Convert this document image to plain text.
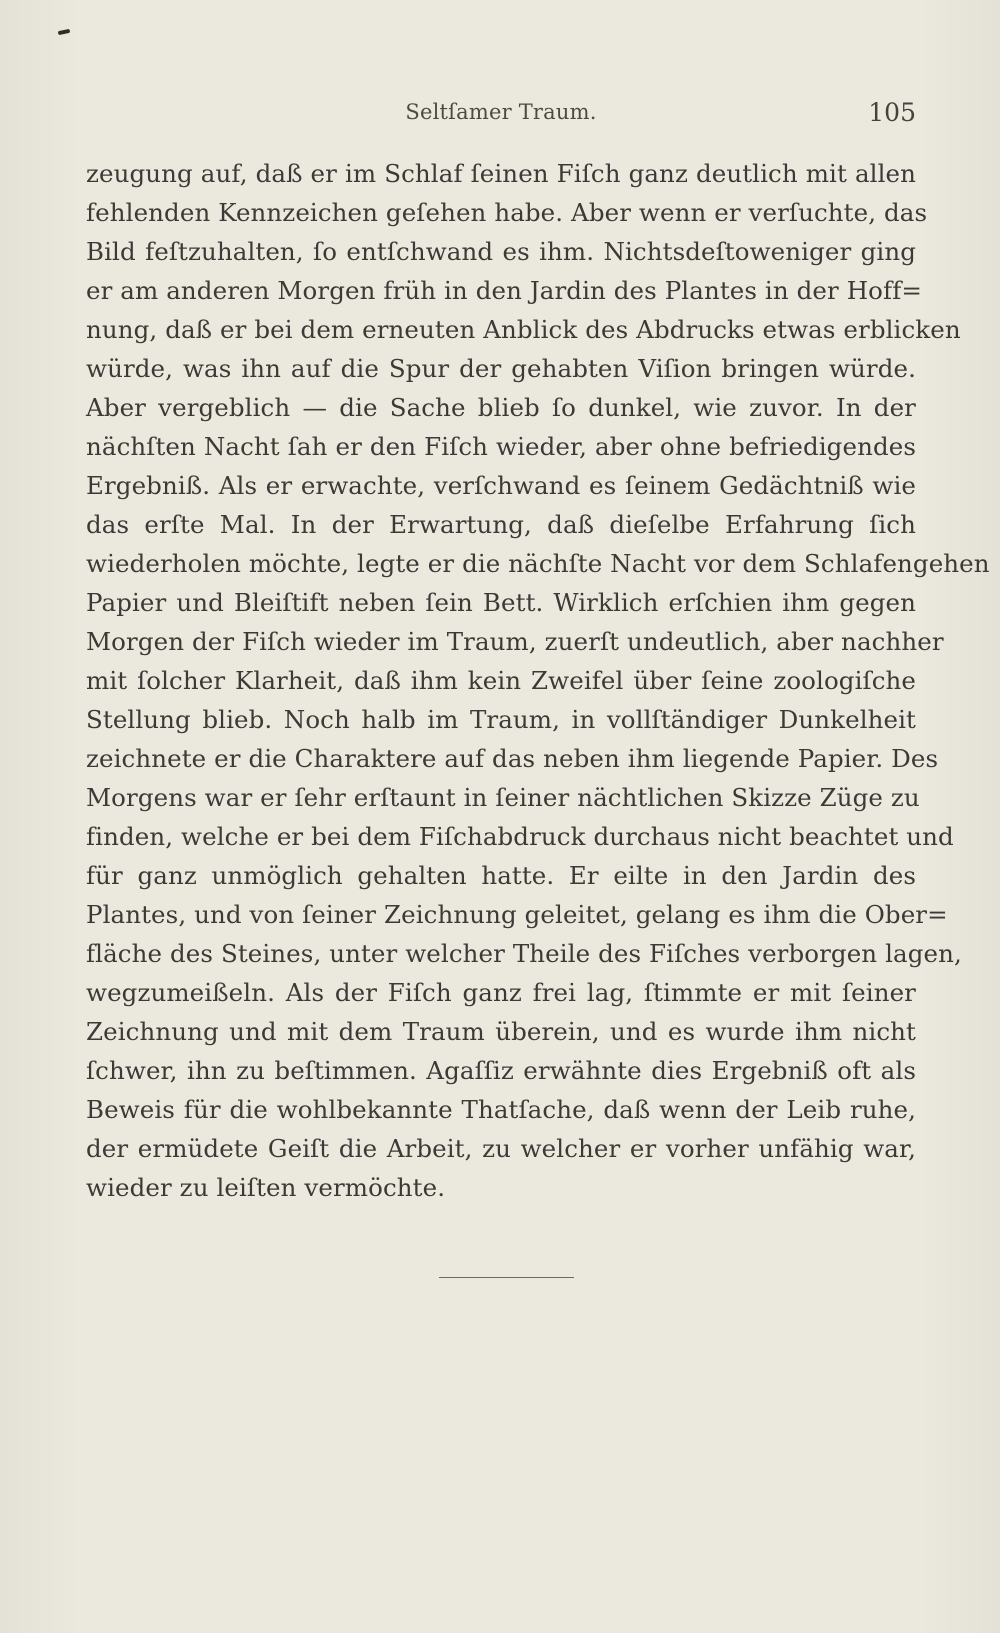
Seltſamer Traum.	105
zeugung auf, daß er im Schlaf ſeinen Fiſch ganz deutlich mit allen
fehlenden Kennzeichen geſehen habe. Aber wenn er verſuchte, das
Bild feſtzuhalten, ſo entſchwand es ihm. Nichtsdeſtoweniger ging
er am anderen Morgen früh in den Jardin des Plantes in der Hoff=
nung, daß er bei dem erneuten Anblick des Abdrucks etwas erblicken
würde, was ihn auf die Spur der gehabten Viſion bringen würde.
Aber vergeblich — die Sache blieb ſo dunkel, wie zuvor. In der
nächſten Nacht ſah er den Fiſch wieder, aber ohne befriedigendes
Ergebniß. Als er erwachte, verſchwand es ſeinem Gedächtniß wie
das erſte Mal. In der Erwartung, daß dieſelbe Erfahrung ſich
wiederholen möchte, legte er die nächſte Nacht vor dem Schlafengehen
Papier und Bleiſtift neben ſein Bett. Wirklich erſchien ihm gegen
Morgen der Fiſch wieder im Traum, zuerſt undeutlich, aber nachher
mit ſolcher Klarheit, daß ihm kein Zweifel über ſeine zoologiſche
Stellung blieb. Noch halb im Traum, in vollſtändiger Dunkelheit
zeichnete er die Charaktere auf das neben ihm liegende Papier. Des
Morgens war er ſehr erſtaunt in ſeiner nächtlichen Skizze Züge zu
finden, welche er bei dem Fiſchabdruck durchaus nicht beachtet und
für ganz unmöglich gehalten hatte. Er eilte in den Jardin des
Plantes, und von ſeiner Zeichnung geleitet, gelang es ihm die Ober=
fläche des Steines, unter welcher Theile des Fiſches verborgen lagen,
wegzumeißeln. Als der Fiſch ganz frei lag, ſtimmte er mit ſeiner
Zeichnung und mit dem Traum überein, und es wurde ihm nicht
ſchwer, ihn zu beſtimmen. Agaſſiz erwähnte dies Ergebniß oft als
Beweis für die wohlbekannte Thatſache, daß wenn der Leib ruhe,
der ermüdete Geiſt die Arbeit, zu welcher er vorher unfähig war,
wieder zu leiſten vermöchte.
